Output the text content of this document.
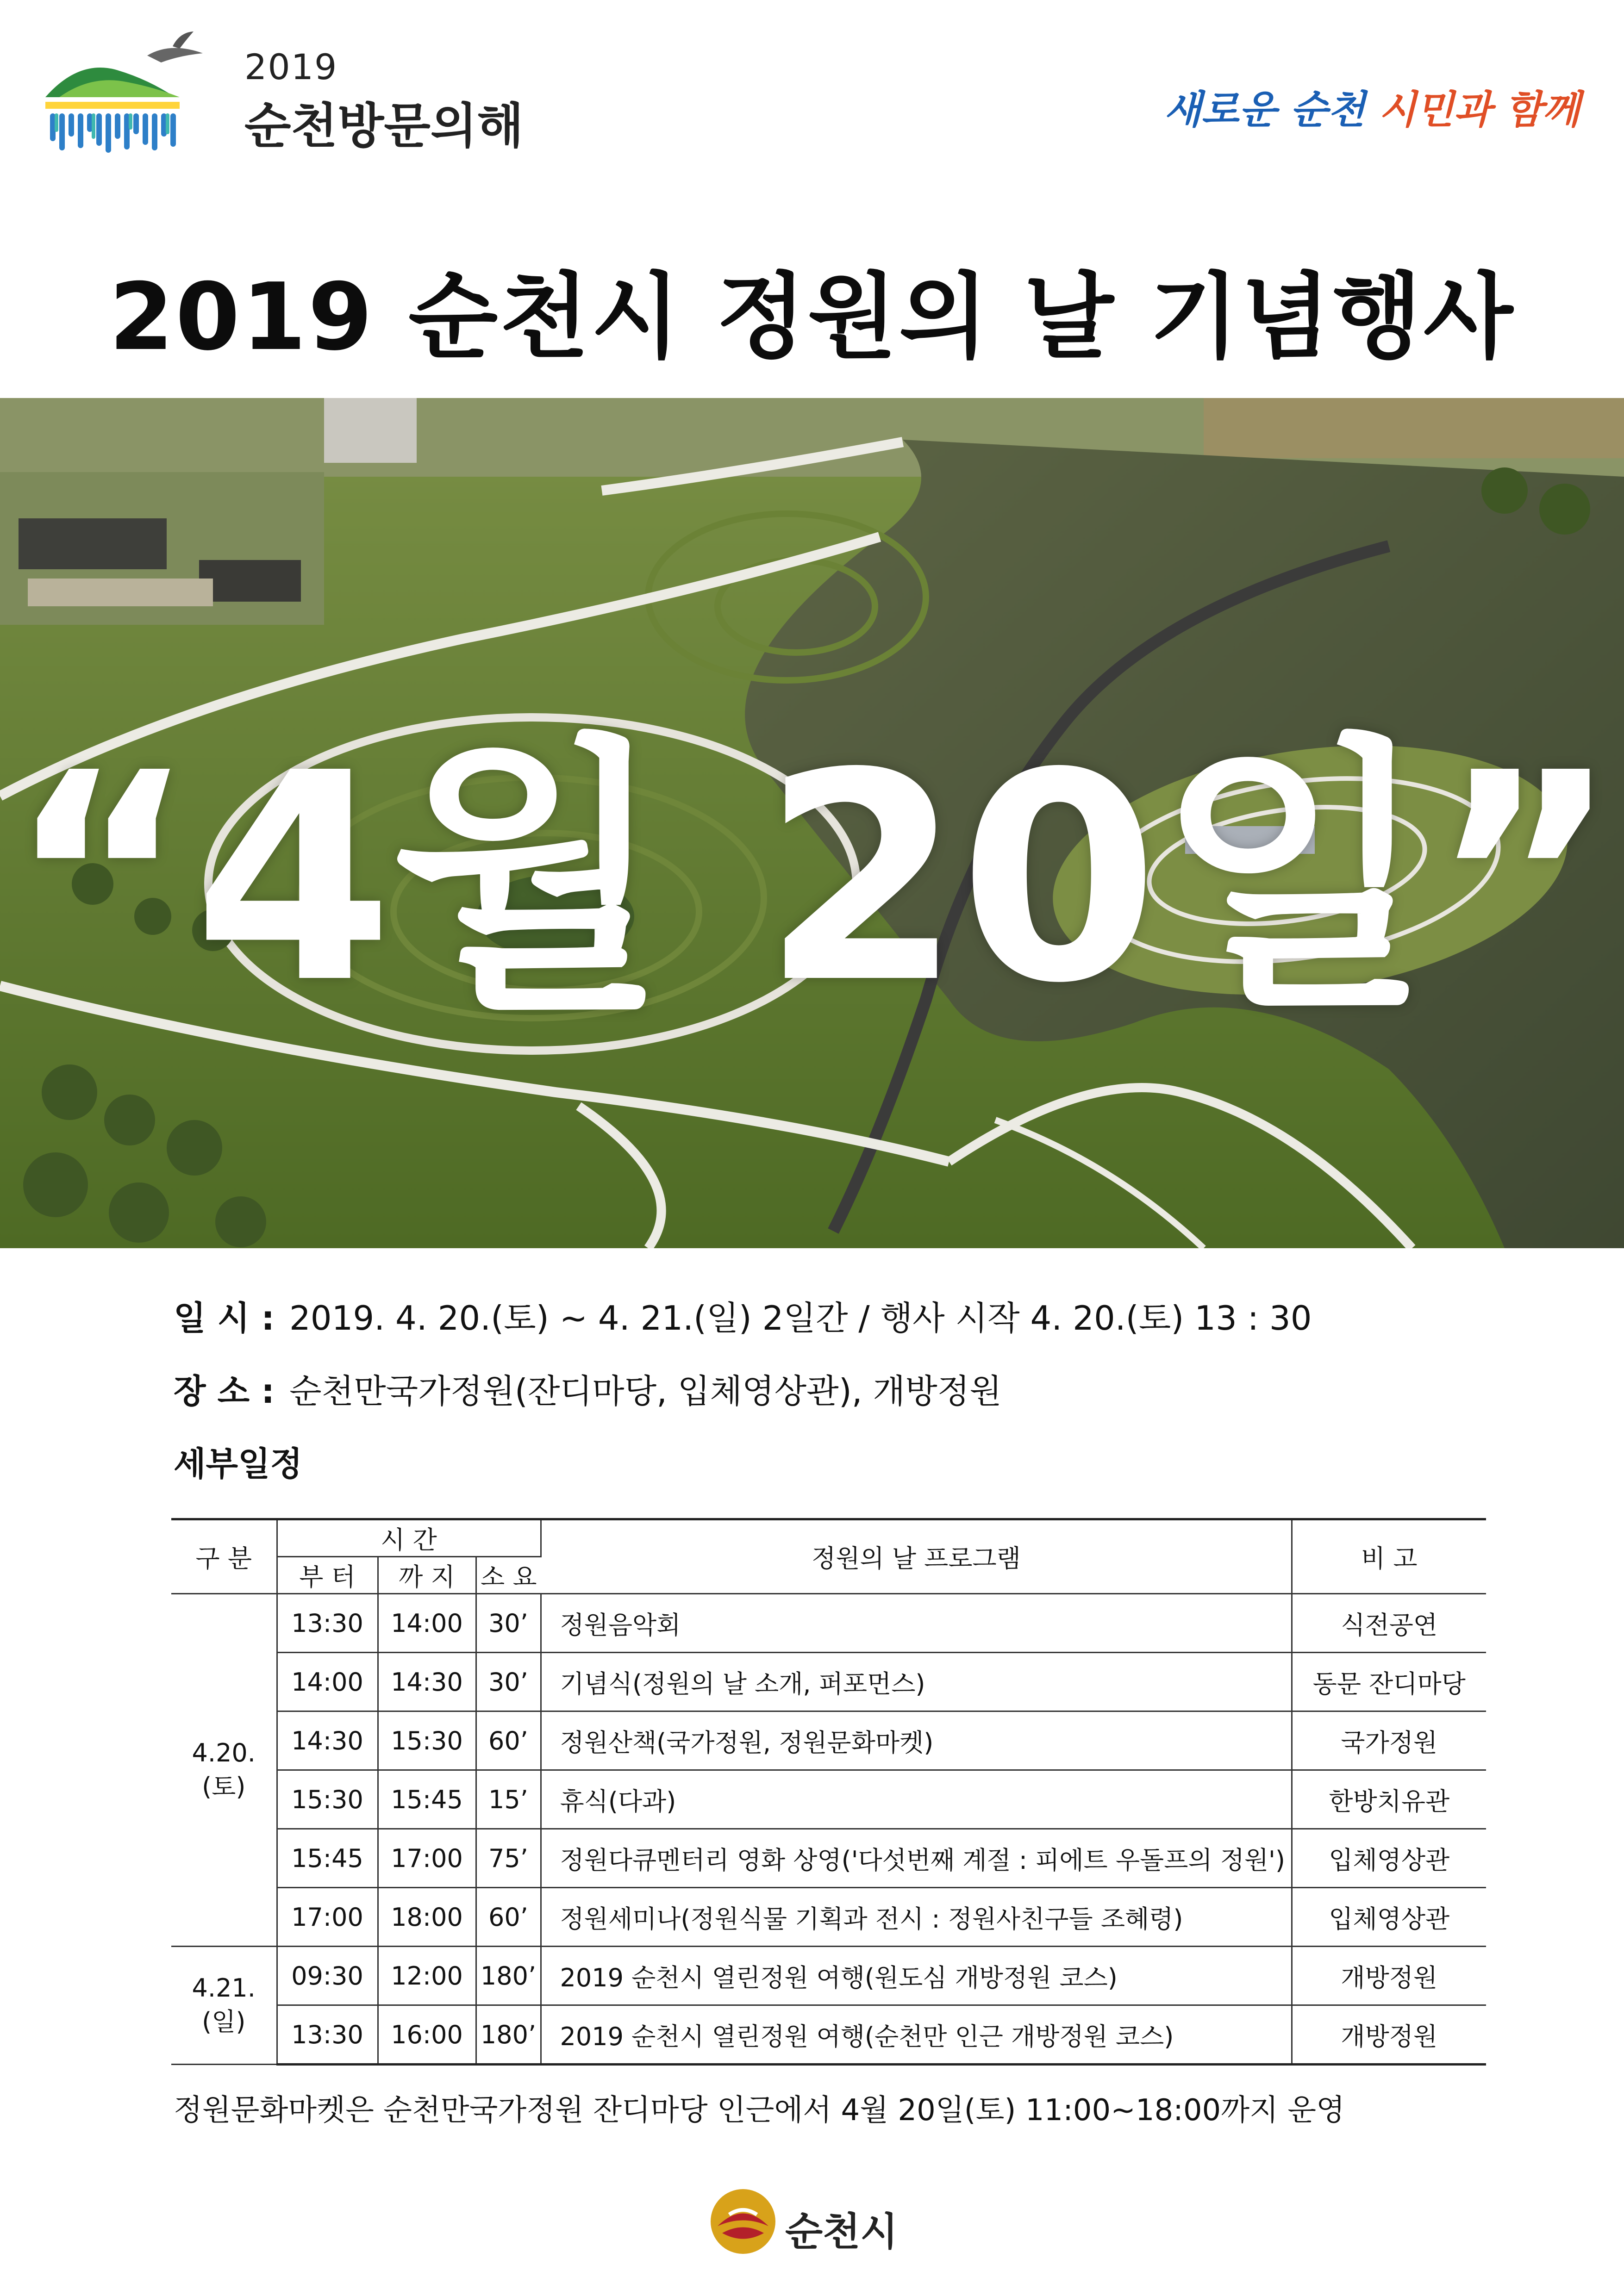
2019
순천방문의해	새로운 순천 시민과 함께
2019 순천시 정원의 날 기념행사
“4월 20일”
일 시 : 2019. 4. 20.(토) ~ 4. 21.(일) 2일간 / 행사 시작 4. 20.(토) 13 : 30
장 소 : 순천만국가정원(잔디마당, 입체영상관), 개방정원
세부일정
구 분	시 간			정원의 날 프로그램	비 고
	부 터	까 지	소 요		

4.20.
(토)	13:30	14:00	30’	정원음악회	식전공연
	14:00	14:30	30’	기념식(정원의 날 소개, 퍼포먼스)	동문 잔디마당
	14:30	15:30	60’	정원산책(국가정원, 정원문화마켓)	국가정원
	15:30	15:45	15’	휴식(다과)	한방치유관
	15:45	17:00	75’	정원다큐멘터리 영화 상영('다섯번째 계절 : 피에트 우돌프의 정원')	입체영상관
	17:00	18:00	60’	정원세미나(정원식물 기획과 전시 : 정원사친구들 조혜령)	입체영상관

4.21.
(일)	09:30	12:00	180’	2019 순천시 열린정원 여행(원도심 개방정원 코스)	개방정원
	13:30	16:00	180’	2019 순천시 열린정원 여행(순천만 인근 개방정원 코스)	개방정원
정원문화마켓은 순천만국가정원 잔디마당 인근에서 4월 20일(토) 11:00~18:00까지 운영
순천시
